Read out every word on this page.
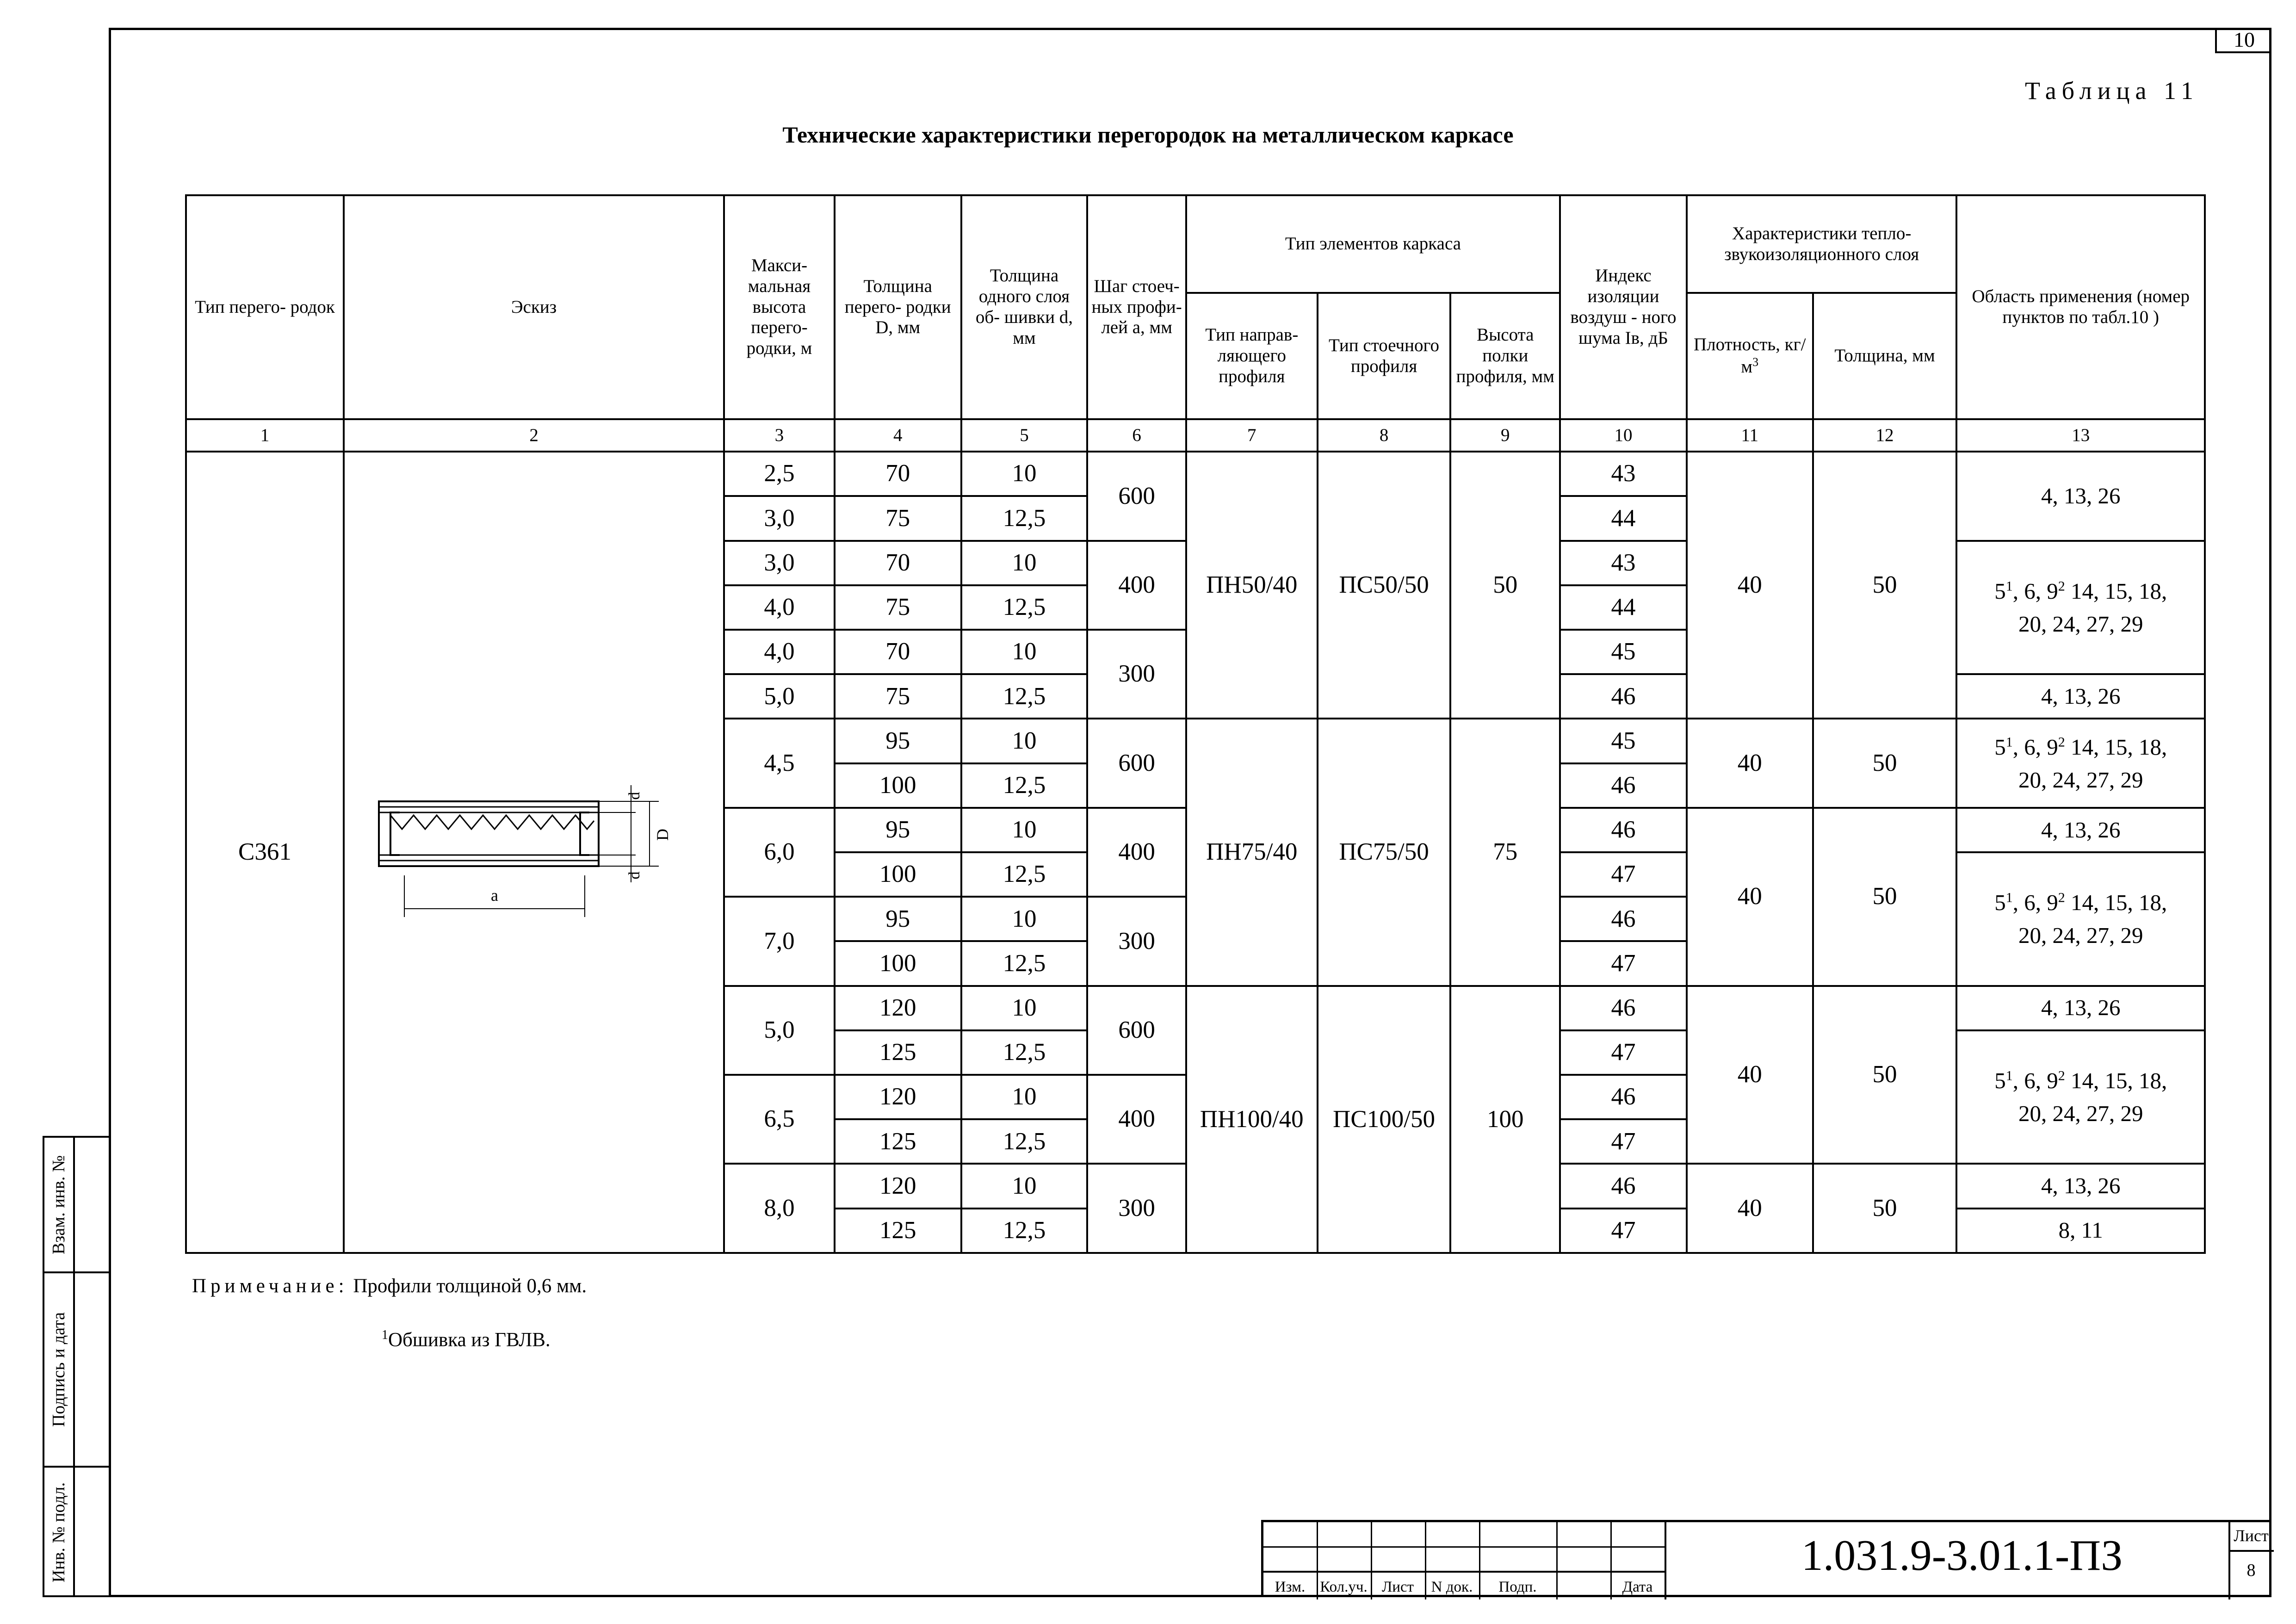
10
Взам. инв. №
Подпись и дата
Инв. № подл.
Таблица 11
Технические характеристики перегородок на металлическом каркасе
Тип перего- родок	Эскиз	Макси- мальная высота перего- родки, м	Толщина перего- родки D, мм	Толщина одного слоя об- шивки d, мм	Шаг стоеч- ных профи- лей а, мм	Тип элементов каркаса			Индекс изоляции воздуш - ного шума Iв, дБ	Характеристики тепло-звукоизоляционного слоя		Область применения (номер пунктов по табл.10 )
						Тип направ- ляющего профиля	Тип стоечного профиля	Высота полки профиля, мм		Плотность, $кг/м^3$	Толщина, мм	
1	2	3	4	5	6	7	8	9	10	11	12	13
С361	d
D
d
а	2,5	70	10	600	ПН50/40	ПС50/50	50	43	40	50	4, 13, 26
		3,0	75	12,5					44			
		3,0	70	10	400				43			$5^1$, 6, $9^2$ 14, 15, 18,
20, 24, 27, 29
		4,0	75	12,5					44			
		4,0	70	10	300				45			
		5,0	75	12,5					46			4, 13, 26
		4,5	95	10	600	ПН75/40	ПС75/50	75	45	40	50	$5^1$, 6, $9^2$ 14, 15, 18,
20, 24, 27, 29
			100	12,5					46			
		6,0	95	10	400				46	40	50	4, 13, 26
			100	12,5					47			$5^1$, 6, $9^2$ 14, 15, 18,
20, 24, 27, 29
		7,0	95	10	300				46			
			100	12,5					47			
		5,0	120	10	600	ПН100/40	ПС100/50	100	46	40	50	4, 13, 26
			125	12,5					47			$5^1$, 6, $9^2$ 14, 15, 18,
20, 24, 27, 29
		6,5	120	10	400				46			
			125	12,5					47			
		8,0	120	10	300				46	40	50	4, 13, 26
			125	12,5					47			8, 11
Примечание: Профили толщиной 0,6 мм.
$^1$Обшивка из ГВЛВ.
Изм. Кол.уч. Лист	N док.	Подп.	Дата
1.031.9-3.01.1-ПЗ	Лист
8
